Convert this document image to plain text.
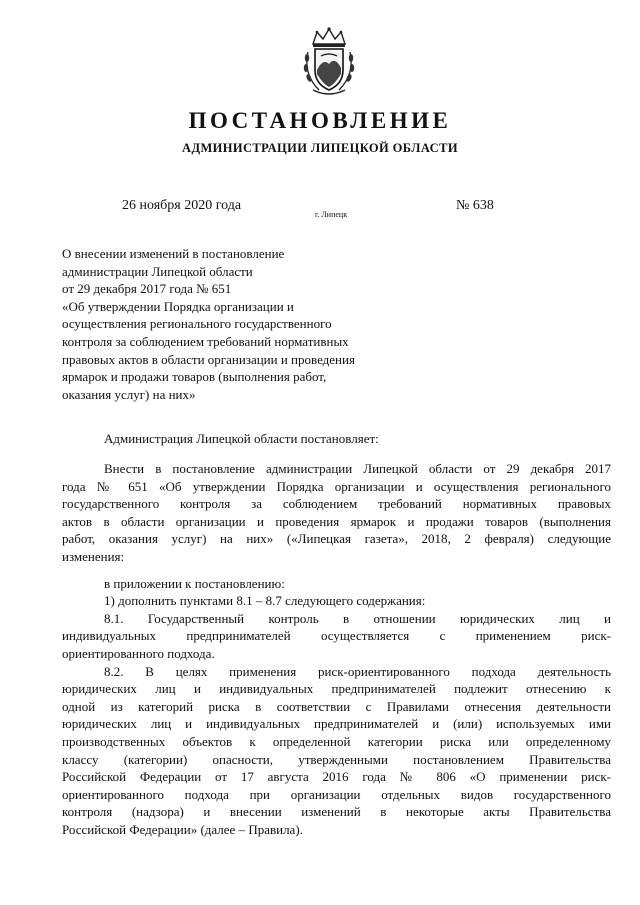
ПОСТАНОВЛЕНИЕ
АДМИНИСТРАЦИИ ЛИПЕЦКОЙ ОБЛАСТИ
26 ноября 2020 года
г. Липецк
№ 638
О внесении изменений в постановление
администрации Липецкой области
от 29 декабря 2017 года № 651
«Об утверждении Порядка организации и
осуществления регионального государственного
контроля за соблюдением требований нормативных
правовых актов в области организации и проведения
ярмарок и продажи товаров (выполнения работ,
оказания услуг) на них»
Администрация Липецкой области постановляет:
Внести в постановление администрации Липецкой области от 29 декабря 2017
года № 651 «Об утверждении Порядка организации и осуществления регионального
государственного контроля за соблюдением требований нормативных правовых
актов в области организации и проведения ярмарок и продажи товаров (выполнения
работ, оказания услуг) на них» («Липецкая газета», 2018, 2 февраля) следующие
изменения:
в приложении к постановлению:
1) дополнить пунктами 8.1 – 8.7 следующего содержания:
8.1. Государственный контроль в отношении юридических лиц и
индивидуальных предпринимателей осуществляется с применением риск-
ориентированного подхода.
8.2. В целях применения риск-ориентированного подхода деятельность
юридических лиц и индивидуальных предпринимателей подлежит отнесению к
одной из категорий риска в соответствии с Правилами отнесения деятельности
юридических лиц и индивидуальных предпринимателей и (или) используемых ими
производственных объектов к определенной категории риска или определенному
классу (категории) опасности, утвержденными постановлением Правительства
Российской Федерации от 17 августа 2016 года № 806 «О применении риск-
ориентированного подхода при организации отдельных видов государственного
контроля (надзора) и внесении изменений в некоторые акты Правительства
Российской Федерации» (далее – Правила).
